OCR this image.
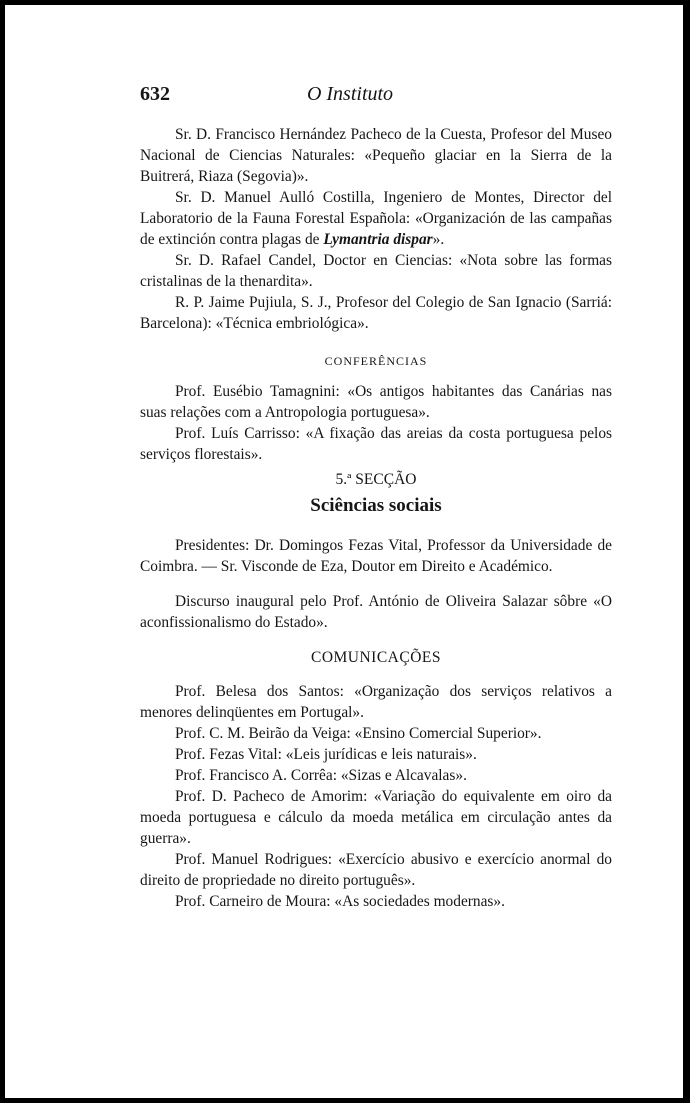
632	O Instituto

Sr. D. Francisco Hernández Pacheco de la Cuesta, Profesor del Museo Nacional de Ciencias Naturales: «Pequeño glaciar en la Sierra de la Buitrerá, Riaza (Segovia)».

Sr. D. Manuel Aulló Costilla, Ingeniero de Montes, Director del Laboratorio de la Fauna Forestal Española: «Organización de las campañas de extinción contra plagas de Lymantria dispar».

Sr. D. Rafael Candel, Doctor en Ciencias: «Nota sobre las formas cristalinas de la thenardita».

R. P. Jaime Pujiula, S. J., Profesor del Colegio de San Ignacio (Sarriá: Barcelona): «Técnica embriológica».

CONFERÊNCIAS

Prof. Eusébio Tamagnini: «Os antigos habitantes das Canárias nas suas relações com a Antropologia portuguesa».

Prof. Luís Carrisso: «A fixação das areias da costa portuguesa pelos serviços florestais».

5.ª SECÇÃO
Sciências sociais

Presidentes: Dr. Domingos Fezas Vital, Professor da Universidade de Coimbra. — Sr. Visconde de Eza, Doutor em Direito e Académico.

Discurso inaugural pelo Prof. António de Oliveira Salazar sôbre «O aconfissionalismo do Estado».

COMUNICAÇÕES

Prof. Belesa dos Santos: «Organização dos serviços relativos a menores delinqüentes em Portugal».

Prof. C. M. Beirão da Veiga: «Ensino Comercial Superior».

Prof. Fezas Vital: «Leis jurídicas e leis naturais».

Prof. Francisco A. Corrêa: «Sizas e Alcavalas».

Prof. D. Pacheco de Amorim: «Variação do equivalente em oiro da moeda portuguesa e cálculo da moeda metálica em circulação antes da guerra».

Prof. Manuel Rodrigues: «Exercício abusivo e exercício anormal do direito de propriedade no direito português».

Prof. Carneiro de Moura: «As sociedades modernas».
